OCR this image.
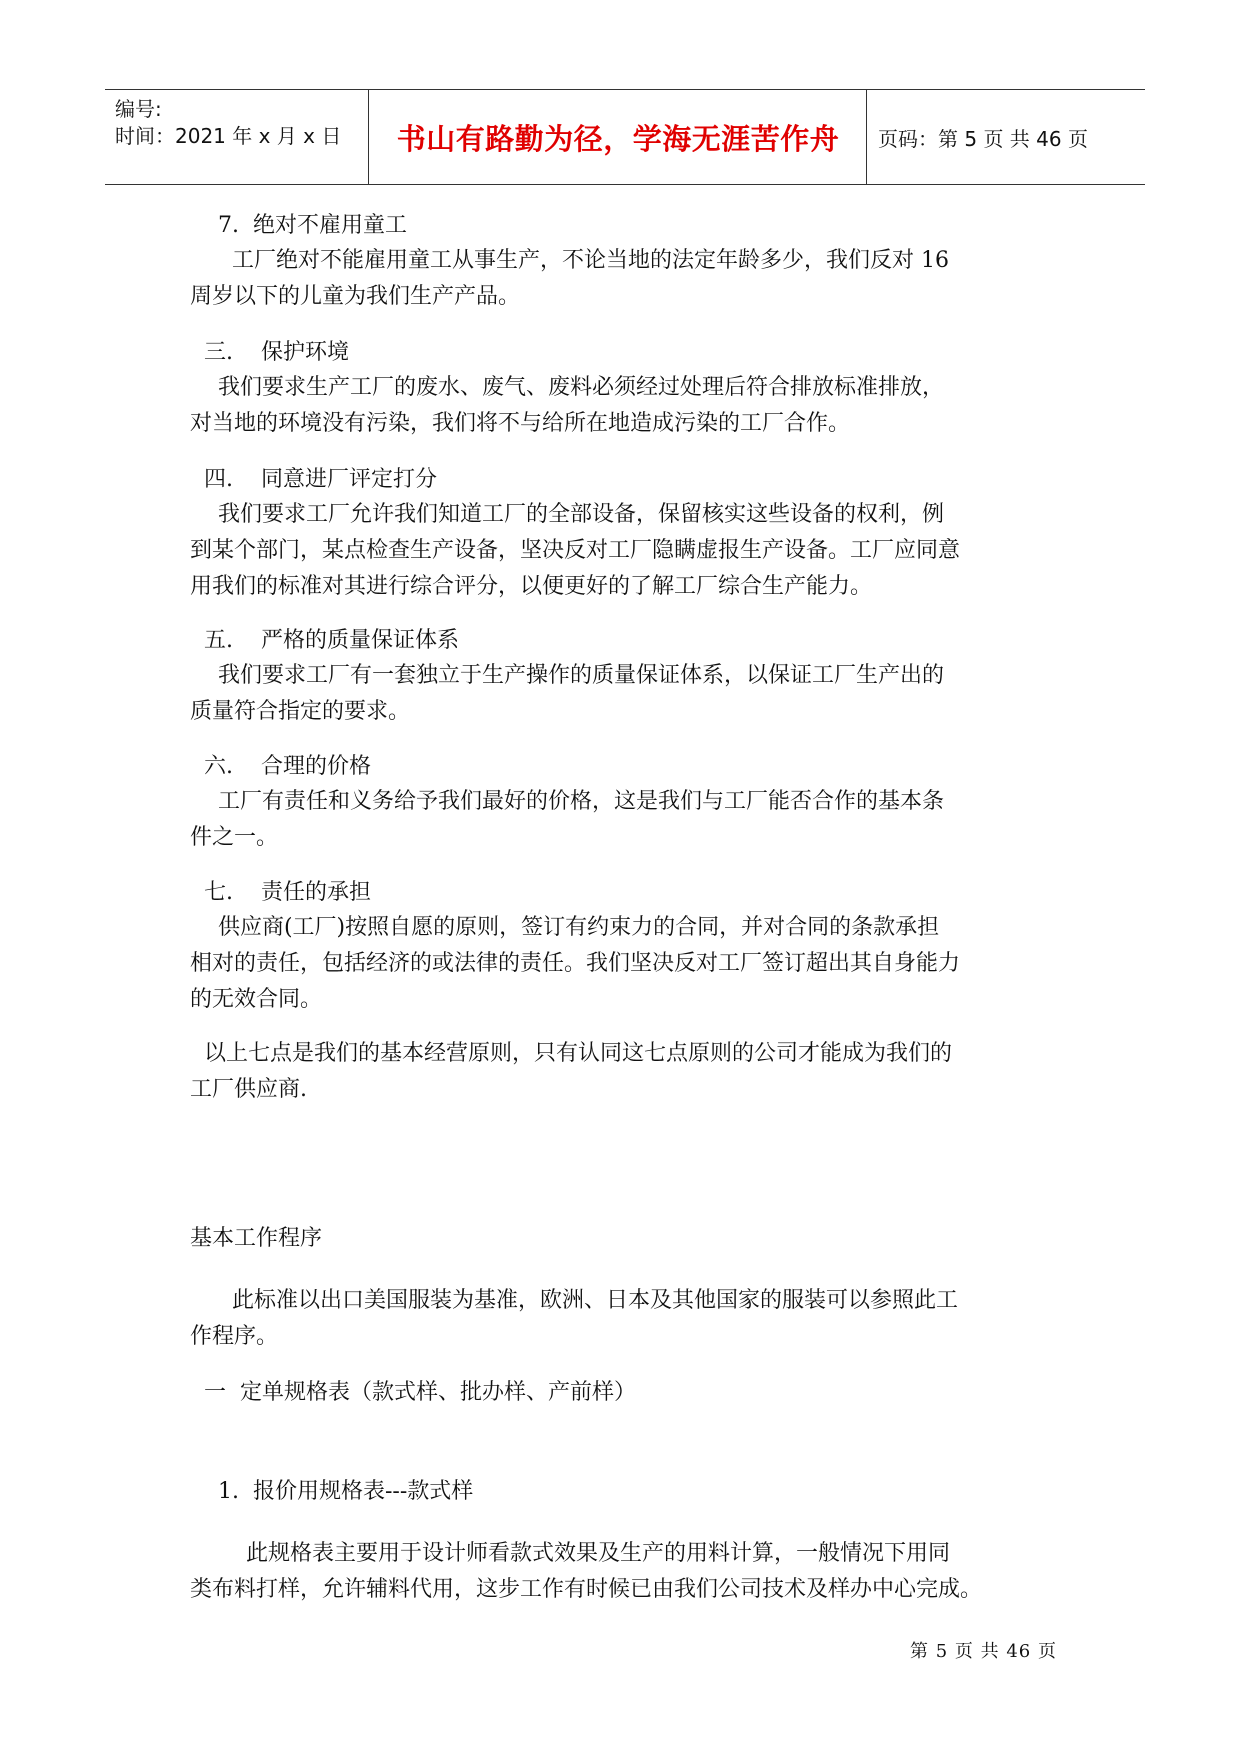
编号:
时间：2021 年 x 月 x 日 书山有路勤为径，学海无涯苦作舟 页码：第 5 页 共 46 页
7.  绝对不雇用童工
工厂绝对不能雇用童工从事生产，不论当地的法定年龄多少，我们反对 16
周岁以下的儿童为我们生产产品。
三.    保护环境
我们要求生产工厂的废水、废气、废料必须经过处理后符合排放标准排放，
对当地的环境没有污染，我们将不与给所在地造成污染的工厂合作。
四.    同意进厂评定打分
我们要求工厂允许我们知道工厂的全部设备，保留核实这些设备的权利，例
到某个部门，某点检查生产设备，坚决反对工厂隐瞒虚报生产设备。工厂应同意
用我们的标准对其进行综合评分，以便更好的了解工厂综合生产能力。
五.    严格的质量保证体系
我们要求工厂有一套独立于生产操作的质量保证体系，以保证工厂生产出的
质量符合指定的要求。
六.    合理的价格
工厂有责任和义务给予我们最好的价格，这是我们与工厂能否合作的基本条
件之一。
七.    责任的承担
供应商(工厂)按照自愿的原则，签订有约束力的合同，并对合同的条款承担
相对的责任，包括经济的或法律的责任。我们坚决反对工厂签订超出其自身能力
的无效合同。
以上七点是我们的基本经营原则，只有认同这七点原则的公司才能成为我们的
工厂供应商.
基本工作程序
此标准以出口美国服装为基准，欧洲、日本及其他国家的服装可以参照此工
作程序。
一  定单规格表（款式样、批办样、产前样）
1.  报价用规格表---款式样
此规格表主要用于设计师看款式效果及生产的用料计算，一般情况下用同
类布料打样，允许辅料代用，这步工作有时候已由我们公司技术及样办中心完成。
第 5 页 共 46 页
